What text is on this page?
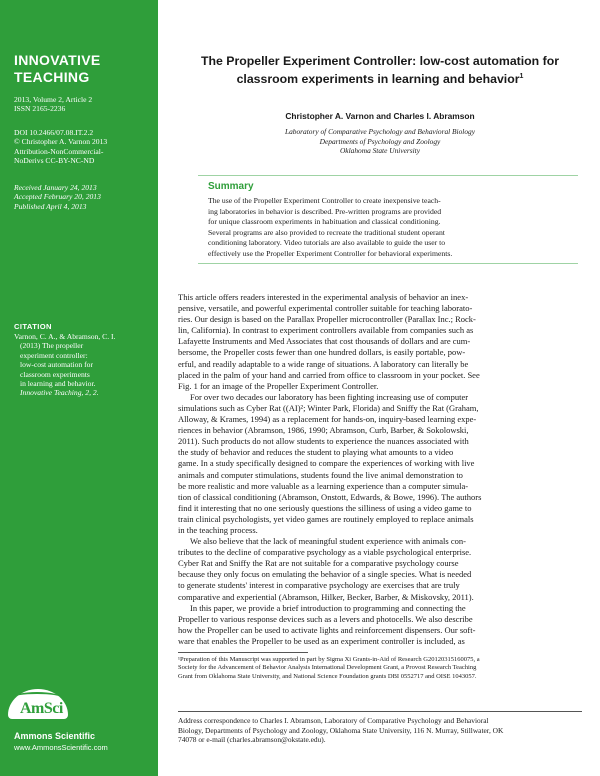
INNOVATIVE
TEACHING
2013, Volume 2, Article 2
ISSN 2165-2236
DOI 10.2466/07.08.IT.2.2
© Christopher A. Varnon 2013
Attribution-NonCommercial-
NoDerivs CC-BY-NC-ND
Received January 24, 2013
Accepted February 20, 2013
Published April 4, 2013
CITATION
Varnon, C. A., & Abramson, C. I.
(2013) The propeller
experiment controller:
low-cost automation for
classroom experiments
in learning and behavior.
Innovative Teaching, 2, 2.
AmSci
Ammons Scientific
www.AmmonsScientific.com
The Propeller Experiment Controller: low-cost automation for
classroom experiments in learning and behavior$^1$
Christopher A. Varnon and Charles I. Abramson
Laboratory of Comparative Psychology and Behavioral Biology
Departments of Psychology and Zoology
Oklahoma State University
Summary
The use of the Propeller Experiment Controller to create inexpensive teach-
ing laboratories in behavior is described. Pre-written programs are provided
for unique classroom experiments in habituation and classical conditioning.
Several programs are also provided to recreate the traditional student operant
conditioning laboratory. Video tutorials are also available to guide the user to
effectively use the Propeller Experiment Controller for behavioral experiments.
This article offers readers interested in the experimental analysis of behavior an inex-
pensive, versatile, and powerful experimental controller suitable for teaching laborato-
ries. Our design is based on the Parallax Propeller microcontroller (Parallax Inc.; Rock-
lin, California). In contrast to experiment controllers available from companies such as
Lafayette Instruments and Med Associates that cost thousands of dollars and are cum-
bersome, the Propeller costs fewer than one hundred dollars, is easily portable, pow-
erful, and readily adaptable to a wide range of situations. A laboratory can literally be
placed in the palm of your hand and carried from office to classroom in your pocket. See
Fig. 1 for an image of the Propeller Experiment Controller.
For over two decades our laboratory has been fighting increasing use of computer
simulations such as Cyber Rat ((AI)²; Winter Park, Florida) and Sniffy the Rat (Graham,
Alloway, & Krames, 1994) as a replacement for hands-on, inquiry-based learning expe-
riences in behavior (Abramson, 1986, 1990; Abramson, Curb, Barber, & Sokolowski,
2011). Such products do not allow students to experience the nuances associated with
the study of behavior and reduces the student to playing what amounts to a video
game. In a study specifically designed to compare the experiences of working with live
animals and computer stimulations, students found the live animal demonstration to
be more realistic and more valuable as a learning experience than a computer simula-
tion of classical conditioning (Abramson, Onstott, Edwards, & Bowe, 1996). The authors
find it interesting that no one seriously questions the silliness of using a video game to
train clinical psychologists, yet video games are routinely employed to replace animals
in the teaching process.
We also believe that the lack of meaningful student experience with animals con-
tributes to the decline of comparative psychology as a viable psychological enterprise.
Cyber Rat and Sniffy the Rat are not suitable for a comparative psychology course
because they only focus on emulating the behavior of a single species. What is needed
to generate students' interest in comparative psychology are exercises that are truly
comparative and experiential (Abramson, Hilker, Becker, Barber, & Miskovsky, 2011).
In this paper, we provide a brief introduction to programming and connecting the
Propeller to various response devices such as a levers and photocells. We also describe
how the Propeller can be used to activate lights and reinforcement dispensers. Our soft-
ware that enables the Propeller to be used as an experiment controller is included, as
¹Preparation of this Manuscript was supported in part by Sigma Xi Grants-in-Aid of Research G20120315160075, a
Society for the Advancement of Behavior Analysis International Development Grant, a Provost Research Teaching
Grant from Oklahoma State University, and National Science Foundation grants DBI 0552717 and OISE 1043057.
Address correspondence to Charles I. Abramson, Laboratory of Comparative Psychology and Behavioral
Biology, Departments of Psychology and Zoology, Oklahoma State University, 116 N. Murray, Stillwater, OK
74078 or e-mail (charles.abramson@okstate.edu).
